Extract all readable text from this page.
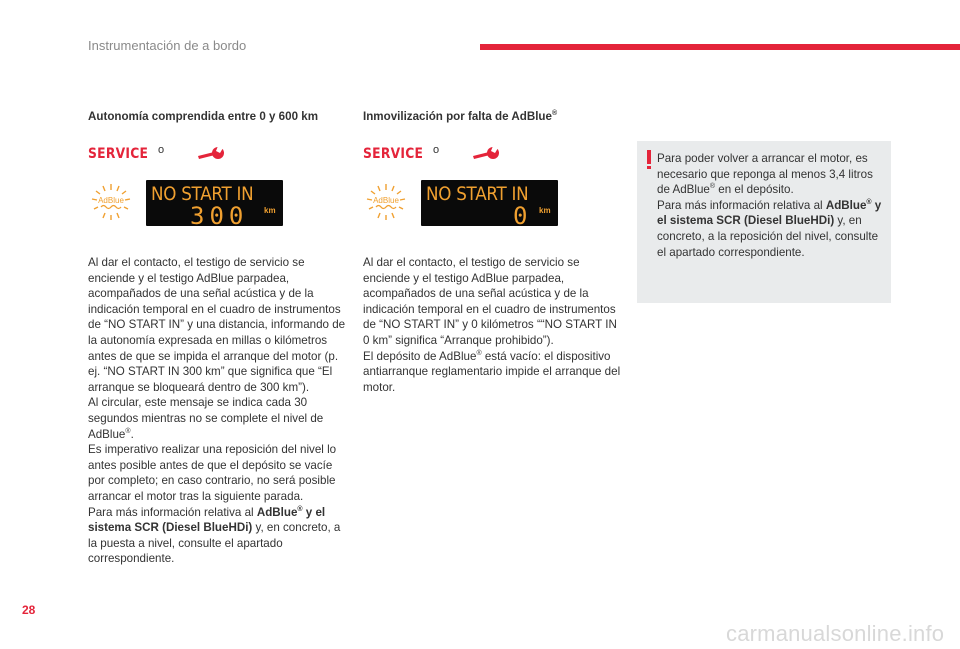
Instrumentación de a bordo
Autonomía comprendida entre 0 y 600 km
SERVICE o
AdBlue NO START IN
300 km

Al dar el contacto, el testigo de servicio se enciende y el testigo AdBlue parpadea, acompañados de una señal acústica y de la indicación temporal en el cuadro de instrumentos de “NO START IN” y una distancia, informando de la autonomía expresada en millas o kilómetros antes de que se impida el arranque del motor (p. ej. “NO START IN 300 km” que significa que “El arranque se bloqueará dentro de 300 km”).

Al circular, este mensaje se indica cada 30 segundos mientras no se complete el nivel de AdBlue®.

Es imperativo realizar una reposición del nivel lo antes posible antes de que el depósito se vacíe por completo; en caso contrario, no será posible arrancar el motor tras la siguiente parada.

Para más información relativa al AdBlue® y el sistema SCR (Diesel BlueHDi) y, en concreto, a la puesta a nivel, consulte el apartado correspondiente.

Inmovilización por falta de AdBlue®
SERVICE o
AdBlue NO START IN
0 km

Al dar el contacto, el testigo de servicio se enciende y el testigo AdBlue parpadea, acompañados de una señal acústica y de la indicación temporal en el cuadro de instrumentos de “NO START IN” y 0 kilómetros ““NO START IN 0 km” significa “Arranque prohibido”).

El depósito de AdBlue® está vacío: el dispositivo antiarranque reglamentario impide el arranque del motor.

Para poder volver a arrancar el motor, es necesario que reponga al menos 3,4 litros de AdBlue® en el depósito.

Para más información relativa al AdBlue® y el sistema SCR (Diesel BlueHDi) y, en concreto, a la reposición del nivel, consulte el apartado correspondiente.

28
carmanualsonline.info
